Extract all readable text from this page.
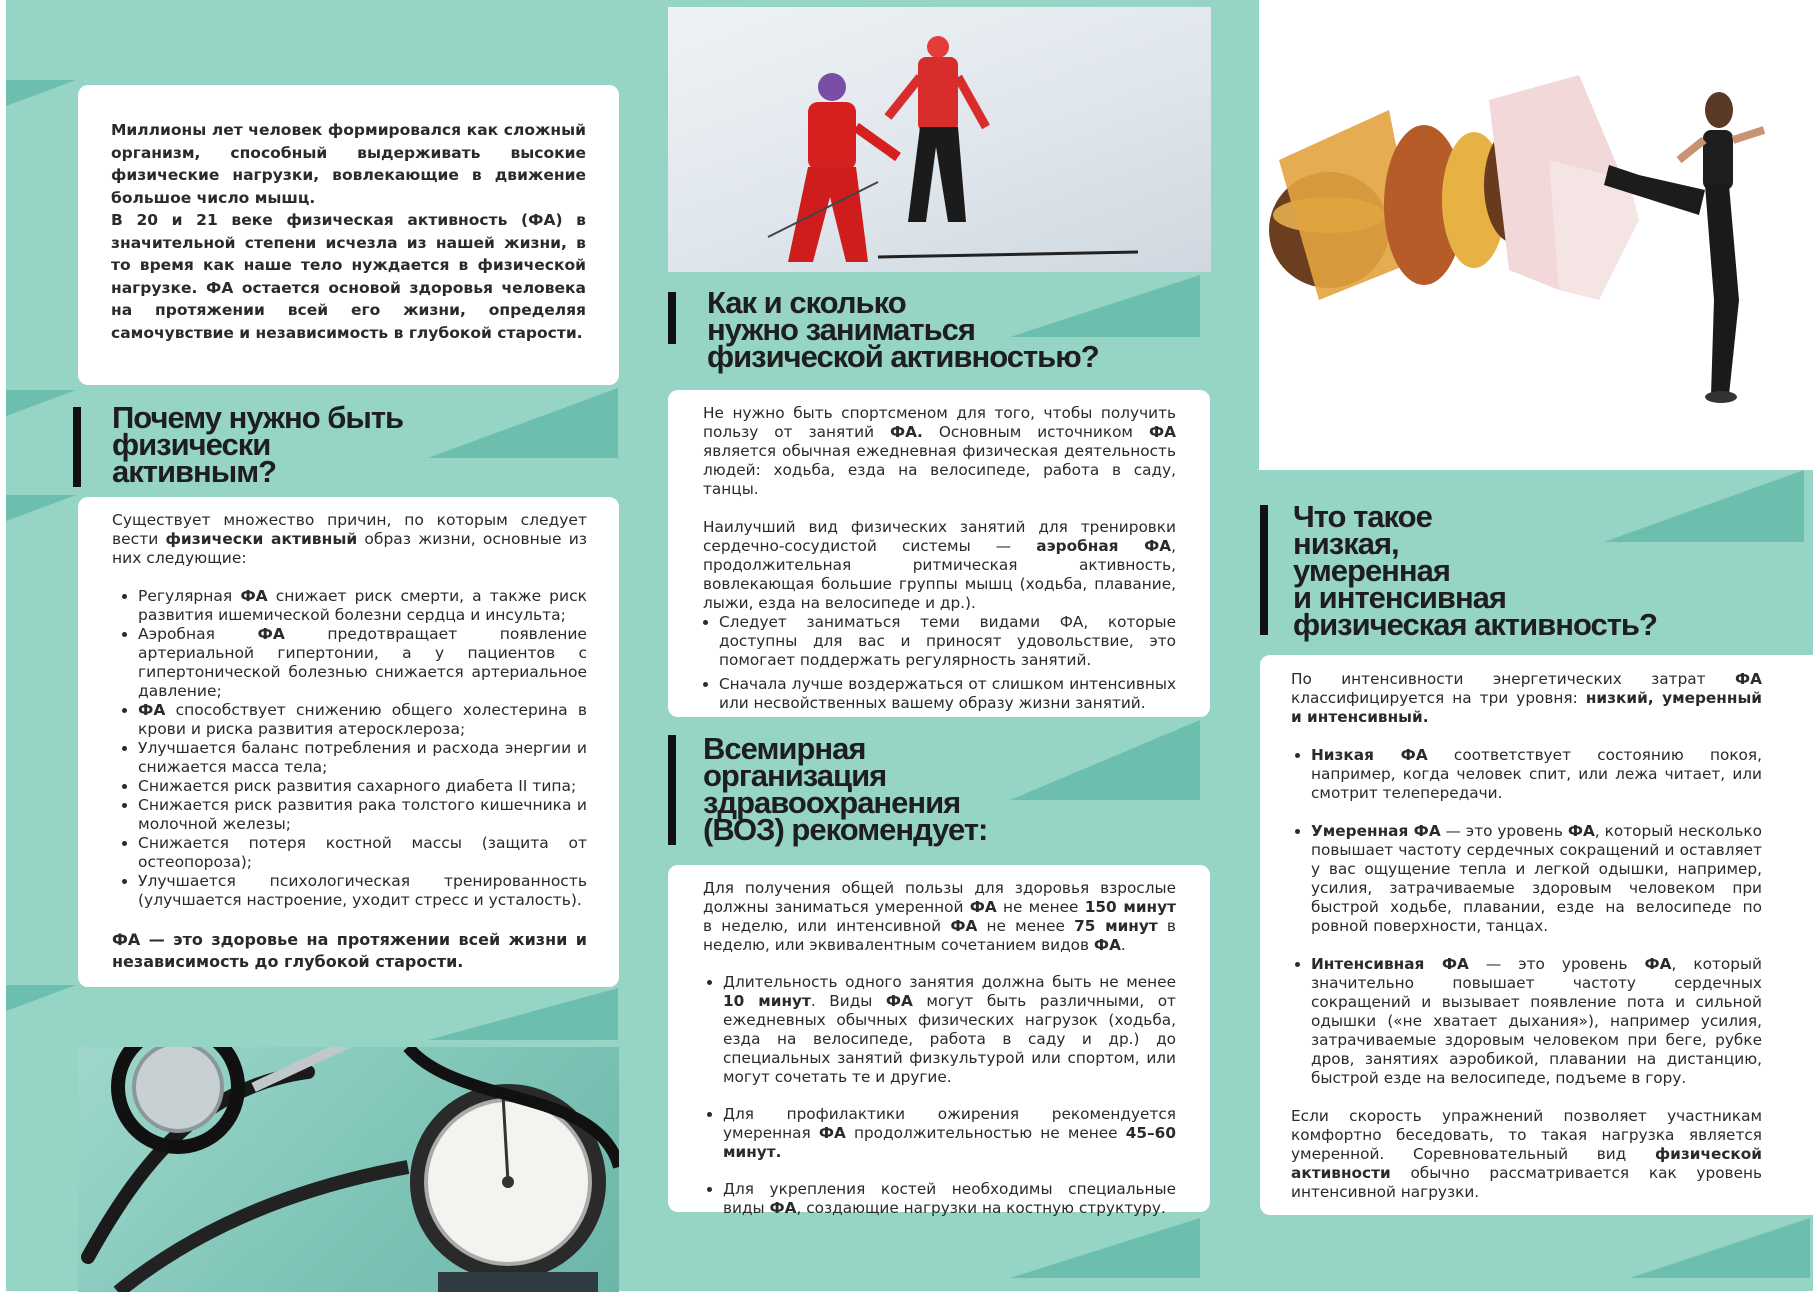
Миллионы лет человек формировался как сложный организм, способный выдерживать высокие физические нагрузки, вовлекающие в движение большое число мышц.

В 20 и 21 веке физическая активность (ФА) в значительной степени исчезла из нашей жизни, в то время как наше тело нуждается в физической нагрузке. ФА остается основой здоровья человека на протяжении всей его жизни, определяя самочувствие и независимость в глубокой старости.

Почему нужно быть
физически
активным?

Существует множество причин, по которым следует вести физически активный образ жизни, основные из них следующие:

• Регулярная ФА снижает риск смерти, а также риск развития ишемической болезни сердца и инсульта;
• Аэробная	ФА	предотвращает появление артериальной гипертонии, а у пациентов с гипертонической болезнью снижается артериальное давление;
• ФА способствует снижению общего холестерина в крови и риска развития атеросклероза;
• Улучшается баланс потребления и расхода энергии и снижается масса тела;
• Снижается риск развития сахарного диабета II типа;
• Снижается риск развития рака толстого кишечника и молочной железы;
• Снижается потеря костной массы (защита от остеопороза);
• Улучшается психологическая тренированность (улучшается настроение, уходит стресс и усталость).

ФА — это здоровье на протяжении всей жизни и независимость до глубокой старости.

Как и сколько
нужно заниматься
физической активностью?

Не нужно быть спортсменом для того, чтобы получить пользу от занятий ФА. Основным источником ФА является обычная ежедневная физическая деятельность людей: ходьба, езда на велосипеде, работа в саду, танцы.

Наилучший вид физических занятий для тренировки сердечно-сосудистой системы — аэробная ФА, продолжительная ритмическая активность, вовлекающая большие группы мышц (ходьба, плавание, лыжи, езда на велосипеде и др.).

• Следует заниматься теми видами ФА, которые доступны для вас и приносят удовольствие, это помогает поддержать регулярность занятий.
• Сначала лучше воздержаться от слишком интенсивных или несвойственных вашему образу жизни занятий.
Всемирная
организация
здравоохранения
(ВОЗ) рекомендует:

Для получения общей пользы для здоровья взрослые должны заниматься умеренной ФА не менее 150 минут в неделю, или интенсивной ФА не менее 75 минут в неделю, или эквивалентным сочетанием видов ФА.

• Длительность одного занятия должна быть не менее 10 минут. Виды ФА могут быть различными, от ежедневных обычных физических нагрузок (ходьба, езда на велосипеде, работа в саду и др.) до специальных занятий физкультурой или спортом, или могут сочетать те и другие.
• Для профилактики ожирения рекомендуется умеренная ФА продолжительностью не менее 45–60 минут.
• Для укрепления костей необходимы специальные виды ФА, создающие нагрузки на костную структуру.
Что такое
низкая,
умеренная
и интенсивная
физическая активность?

По интенсивности энергетических затрат ФА классифицируется на три уровня: низкий, умеренный и интенсивный.

• Низкая ФА соответствует состоянию покоя, например, когда человек спит, или лежа читает, или смотрит телепередачи.
• Умеренная ФА — это уровень ФА, который несколько повышает частоту сердечных сокращений и оставляет у вас ощущение тепла и легкой одышки, например, усилия, затрачиваемые здоровым человеком при быстрой ходьбе, плавании, езде на велосипеде по ровной поверхности, танцах.
• Интенсивная ФА — это уровень ФА, который значительно повышает частоту сердечных сокращений и вызывает появление пота и сильной одышки («не хватает дыхания»), например усилия, затрачиваемые здоровым человеком при беге, рубке дров, занятиях аэробикой, плавании на дистанцию, быстрой езде на велосипеде, подъеме в гору.

Если скорость упражнений позволяет участникам комфортно беседовать, то такая нагрузка является умеренной. Соревновательный вид физической активности обычно рассматривается как уровень интенсивной нагрузки.
